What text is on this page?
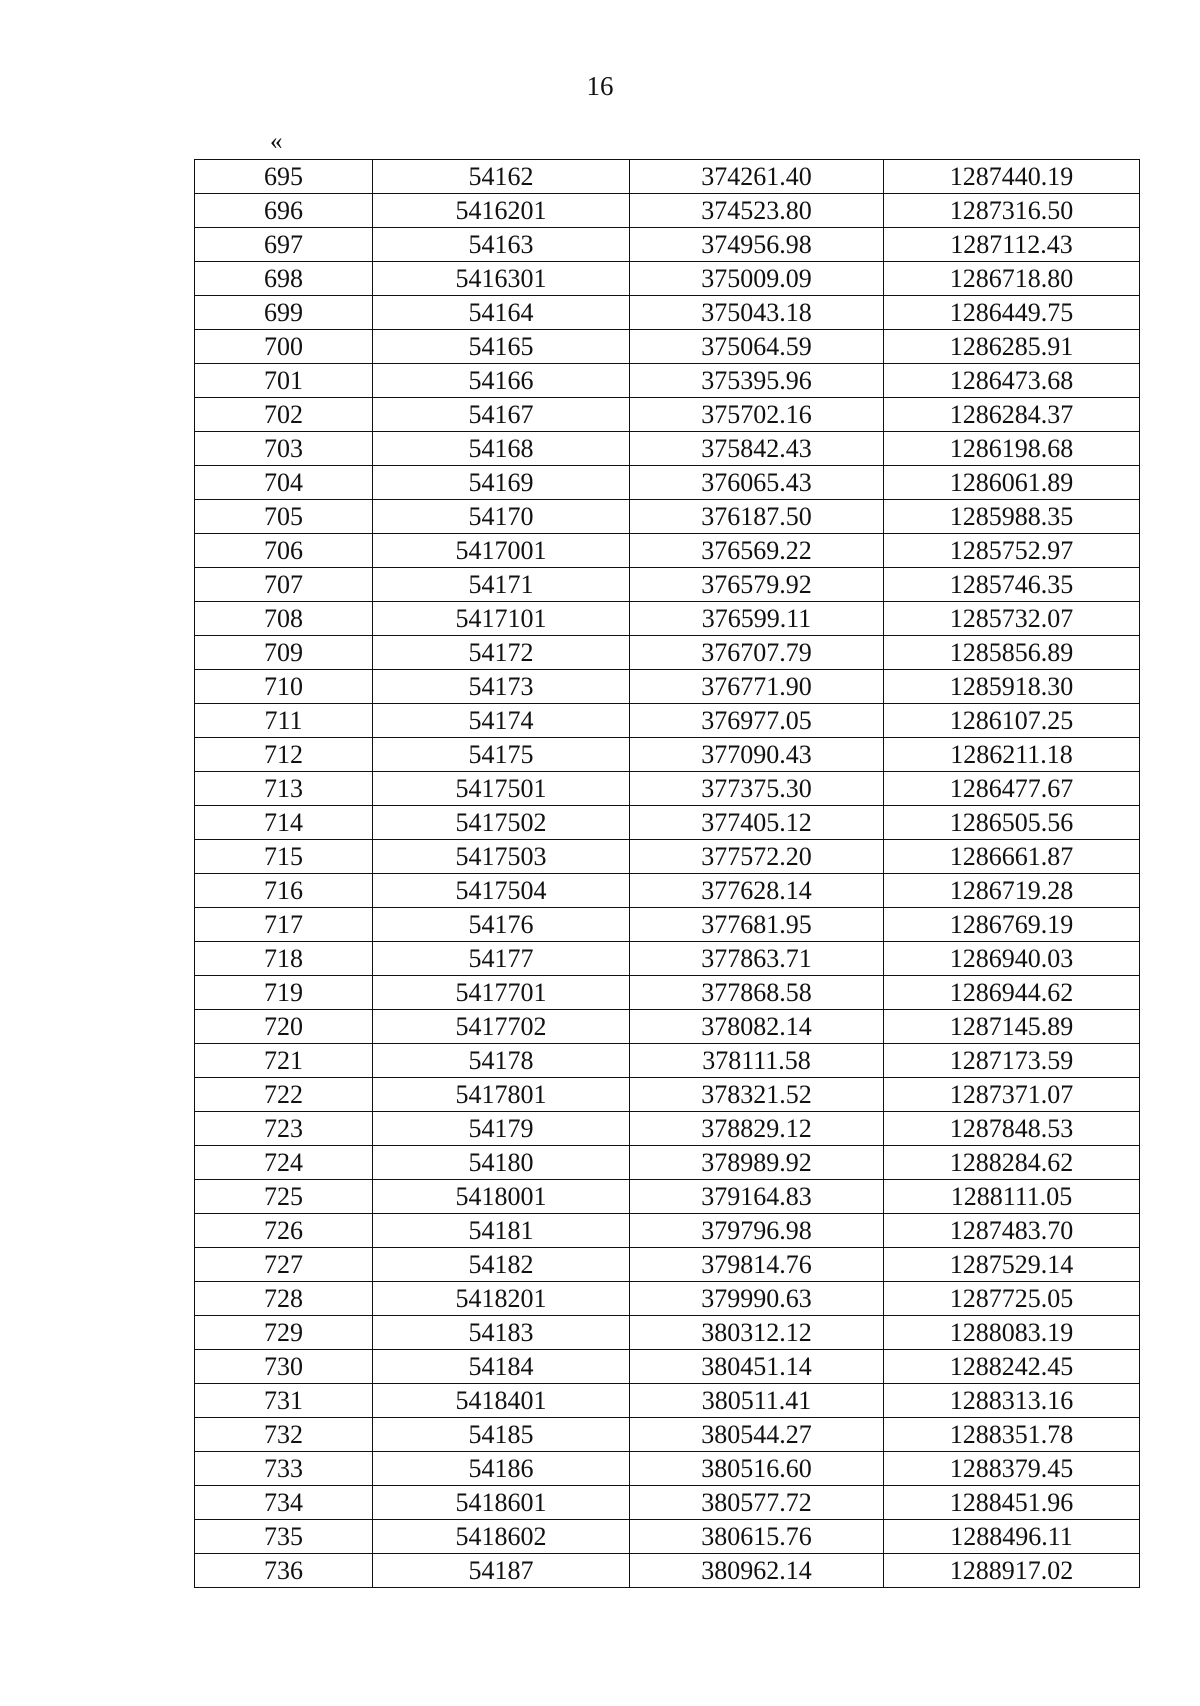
16
«
695	54162	374261.40	1287440.19
696	5416201	374523.80	1287316.50
697	54163	374956.98	1287112.43
698	5416301	375009.09	1286718.80
699	54164	375043.18	1286449.75
700	54165	375064.59	1286285.91
701	54166	375395.96	1286473.68
702	54167	375702.16	1286284.37
703	54168	375842.43	1286198.68
704	54169	376065.43	1286061.89
705	54170	376187.50	1285988.35
706	5417001	376569.22	1285752.97
707	54171	376579.92	1285746.35
708	5417101	376599.11	1285732.07
709	54172	376707.79	1285856.89
710	54173	376771.90	1285918.30
711	54174	376977.05	1286107.25
712	54175	377090.43	1286211.18
713	5417501	377375.30	1286477.67
714	5417502	377405.12	1286505.56
715	5417503	377572.20	1286661.87
716	5417504	377628.14	1286719.28
717	54176	377681.95	1286769.19
718	54177	377863.71	1286940.03
719	5417701	377868.58	1286944.62
720	5417702	378082.14	1287145.89
721	54178	378111.58	1287173.59
722	5417801	378321.52	1287371.07
723	54179	378829.12	1287848.53
724	54180	378989.92	1288284.62
725	5418001	379164.83	1288111.05
726	54181	379796.98	1287483.70
727	54182	379814.76	1287529.14
728	5418201	379990.63	1287725.05
729	54183	380312.12	1288083.19
730	54184	380451.14	1288242.45
731	5418401	380511.41	1288313.16
732	54185	380544.27	1288351.78
733	54186	380516.60	1288379.45
734	5418601	380577.72	1288451.96
735	5418602	380615.76	1288496.11
736	54187	380962.14	1288917.02
